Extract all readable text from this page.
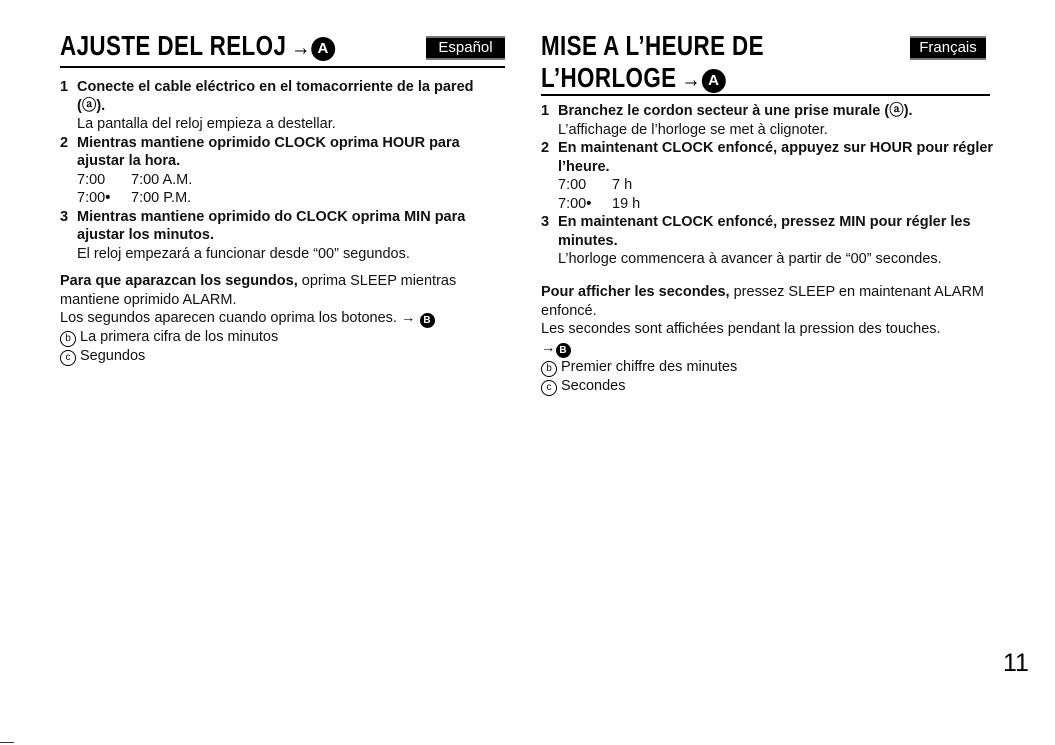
AJUSTE DEL RELOJ → A	Español
1 Conecte el cable eléctrico en el tomacorriente de la pared (ⓐ).
La pantalla del reloj empieza a destellar.
2 Mientras mantiene oprimido CLOCK oprima HOUR para ajustar la hora.
7:00 7:00 A.M.
7:00• 7:00 P.M.
3 Mientras mantiene oprimido do CLOCK oprima MIN para ajustar los minutos.
El reloj empezará a funcionar desde “00” segundos.
Para que aparazcan los segundos, oprima SLEEP mientras mantiene oprimido ALARM.
Los segundos aparecen cuando oprima los botones. → B
b La primera cifra de los minutos
c Segundos
MISE A L’HEURE DE
L’HORLOGE → A
Français
1 Branchez le cordon secteur à une prise murale (ⓐ).
L’affichage de l’horloge se met à clignoter.
2 En maintenant CLOCK enfoncé, appuyez sur HOUR pour régler l’heure.
7:00 7 h
7:00• 19 h
3 En maintenant CLOCK enfoncé, pressez MIN pour régler les minutes.
L’horloge commencera à avancer à partir de “00” secondes.
Pour afficher les secondes, pressez SLEEP en maintenant ALARM enfoncé.
Les secondes sont affichées pendant la pression des touches.
→ B
b Premier chiffre des minutes
c Secondes
11
